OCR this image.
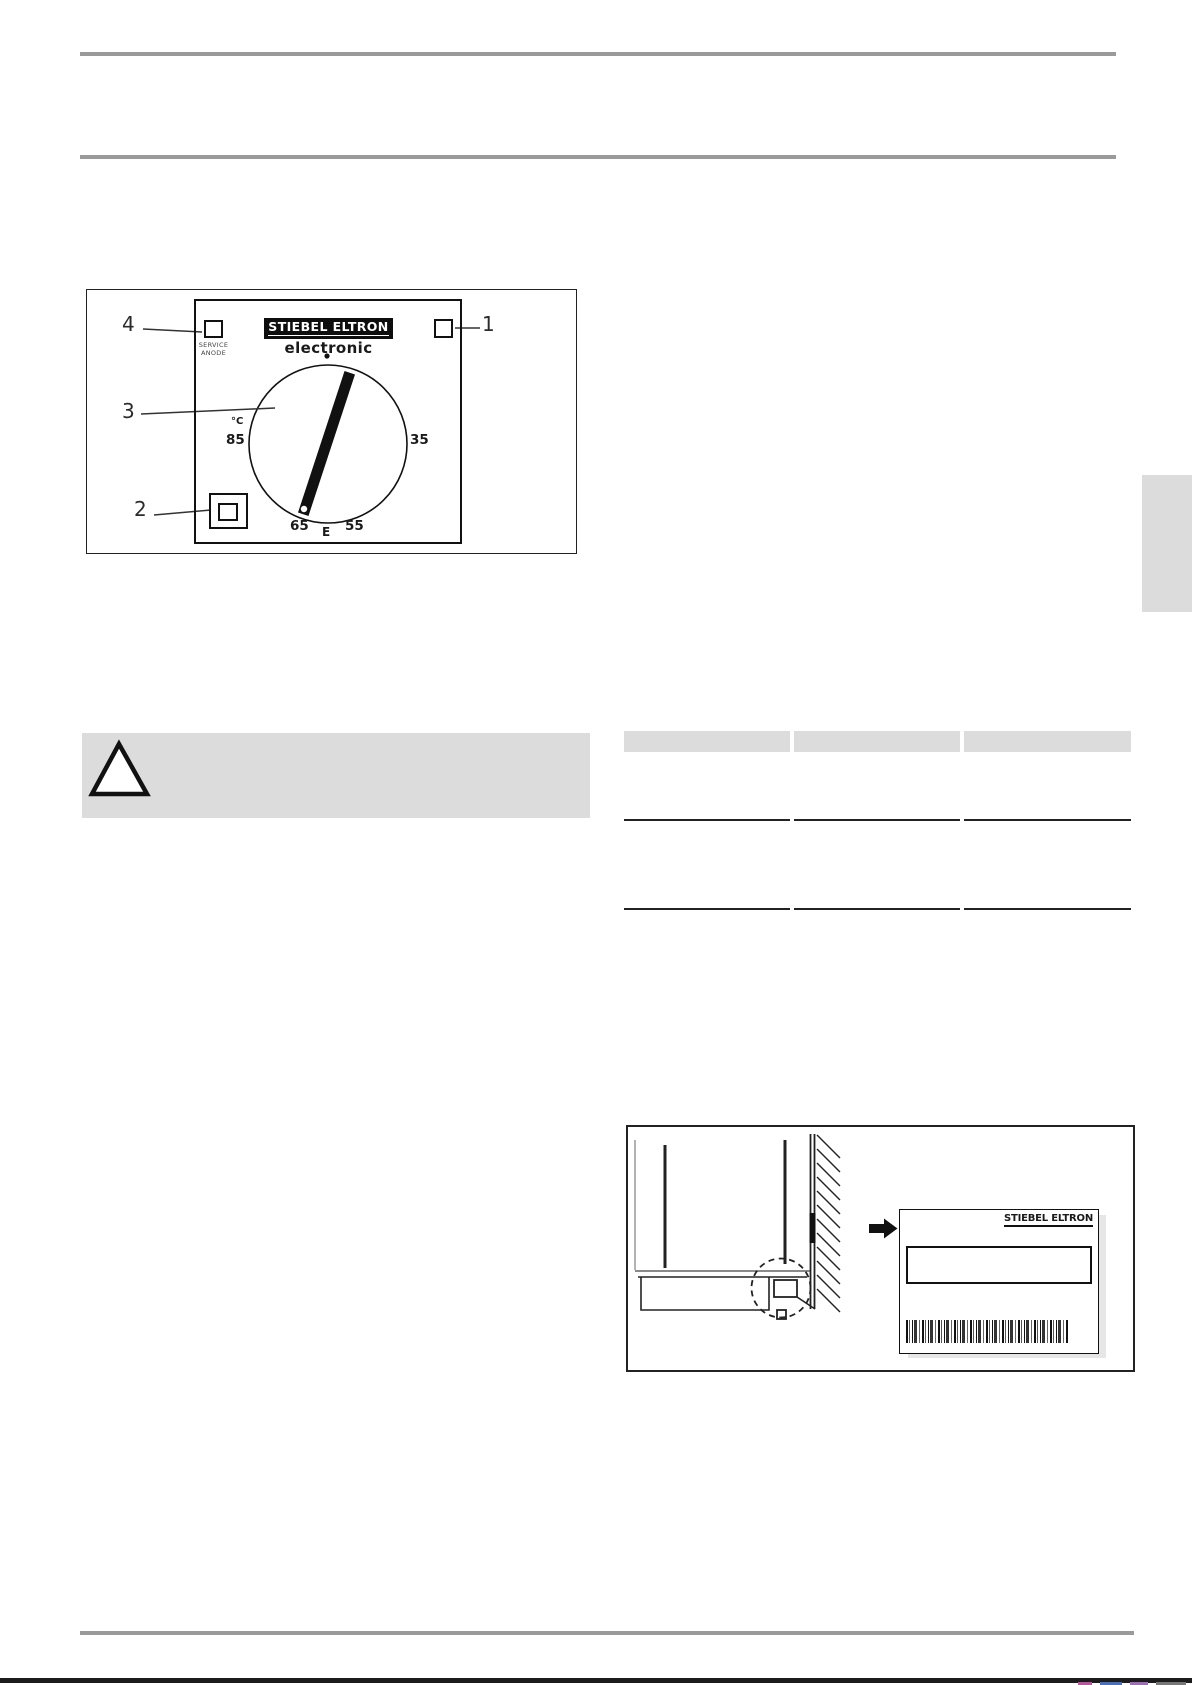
STIEBEL ELTRON
electronic
SERVICE
ANODE
°C
85	35
65 E 55
4	1
3
2
STIEBEL ELTRON
